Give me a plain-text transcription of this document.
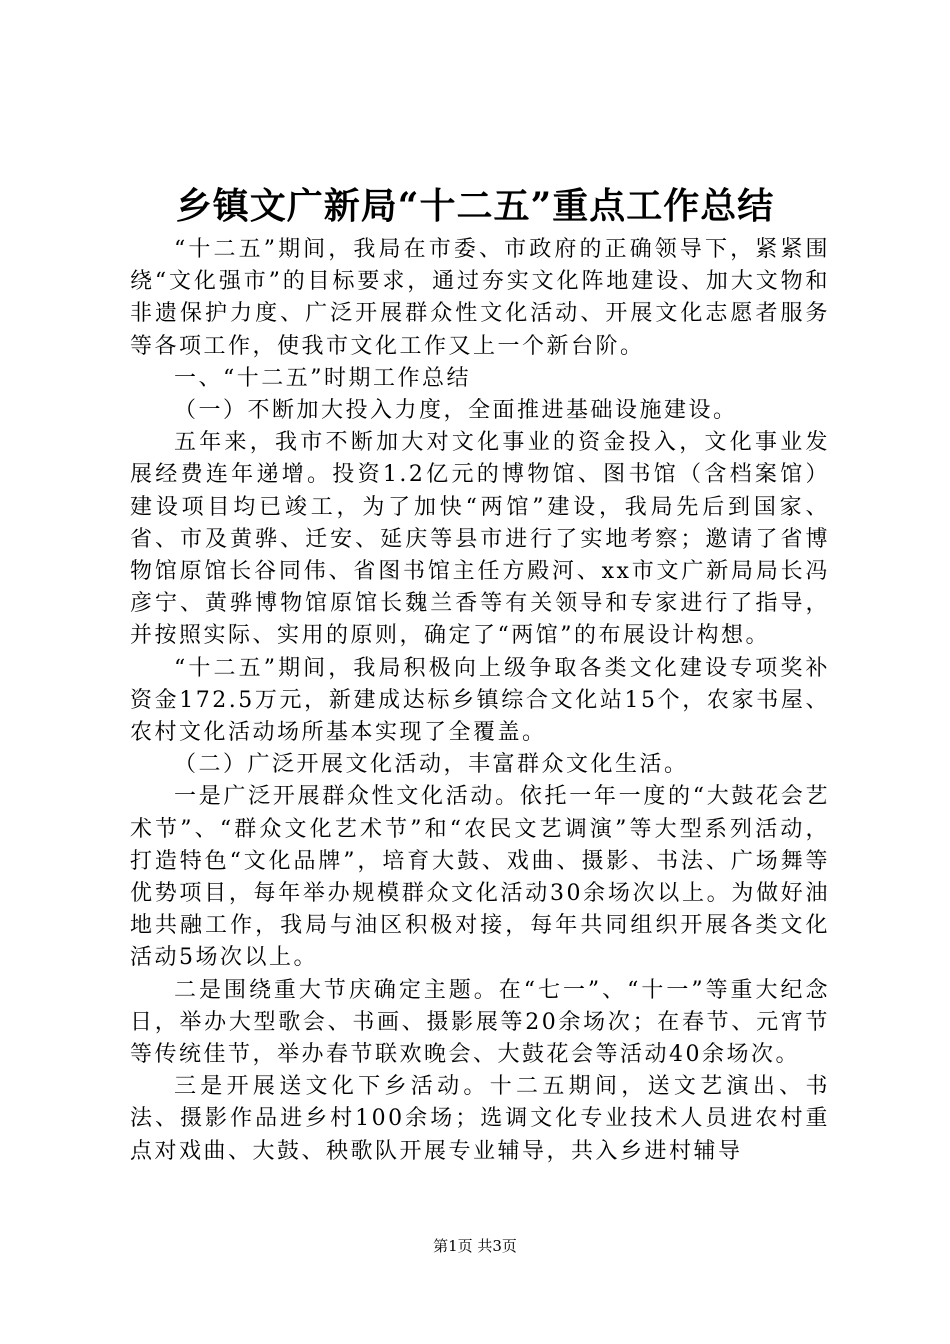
乡镇文广新局“十二五”重点工作总结

“十二五”期间，我局在市委、市政府的正确领导下，紧紧围绕“文化强市”的目标要求，通过夯实文化阵地建设、加大文物和非遗保护力度、广泛开展群众性文化活动、开展文化志愿者服务等各项工作，使我市文化工作又上一个新台阶。

一、“十二五”时期工作总结

（一）不断加大投入力度，全面推进基础设施建设。

五年来，我市不断加大对文化事业的资金投入，文化事业发展经费连年递增。投资1.2亿元的博物馆、图书馆（含档案馆）建设项目均已竣工，为了加快“两馆”建设，我局先后到国家、省、市及黄骅、迁安、延庆等县市进行了实地考察；邀请了省博物馆原馆长谷同伟、省图书馆主任方殿河、xx市文广新局局长冯彦宁、黄骅博物馆原馆长魏兰香等有关领导和专家进行了指导，并按照实际、实用的原则，确定了“两馆”的布展设计构想。

“十二五”期间，我局积极向上级争取各类文化建设专项奖补资金172.5万元，新建成达标乡镇综合文化站15个，农家书屋、农村文化活动场所基本实现了全覆盖。

（二）广泛开展文化活动，丰富群众文化生活。

一是广泛开展群众性文化活动。依托一年一度的“大鼓花会艺术节”、“群众文化艺术节”和“农民文艺调演”等大型系列活动，打造特色“文化品牌”，培育大鼓、戏曲、摄影、书法、广场舞等优势项目，每年举办规模群众文化活动30余场次以上。为做好油地共融工作，我局与油区积极对接，每年共同组织开展各类文化活动5场次以上。

二是围绕重大节庆确定主题。在“七一”、“十一”等重大纪念日，举办大型歌会、书画、摄影展等20余场次；在春节、元宵节等传统佳节，举办春节联欢晚会、大鼓花会等活动40余场次。

三是开展送文化下乡活动。十二五期间，送文艺演出、书法、摄影作品进乡村100余场；选调文化专业技术人员进农村重点对戏曲、大鼓、秧歌队开展专业辅导，共入乡进村辅导

第1页 共3页
